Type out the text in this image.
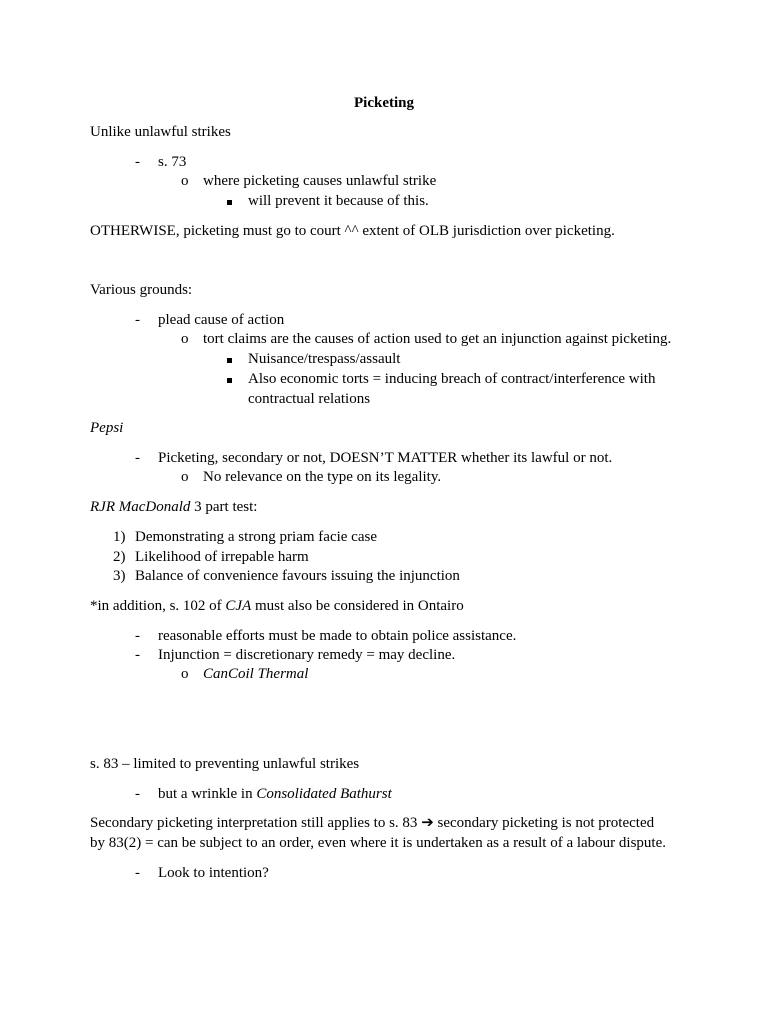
Picketing
Unlike unlawful strikes
- s. 73
o where picketing causes unlawful strike
will prevent it because of this.
OTHERWISE, picketing must go to court ^^ extent of OLB jurisdiction over picketing.
Various grounds:
- plead cause of action
o tort claims are the causes of action used to get an injunction against picketing.
Nuisance/trespass/assault
Also economic torts = inducing breach of contract/interference with
contractual relations
Pepsi
- Picketing, secondary or not, DOESN’T MATTER whether its lawful or not.
o No relevance on the type on its legality.
RJR MacDonald 3 part test:
1) Demonstrating a strong priam facie case
2) Likelihood of irrepable harm
3) Balance of convenience favours issuing the injunction
*in addition, s. 102 of CJA must also be considered in Ontairo
- reasonable efforts must be made to obtain police assistance.
- Injunction = discretionary remedy = may decline.
o CanCoil Thermal
s. 83 – limited to preventing unlawful strikes
- but a wrinkle in Consolidated Bathurst
Secondary picketing interpretation still applies to s. 83 ➔ secondary picketing is not protected
by 83(2) = can be subject to an order, even where it is undertaken as a result of a labour dispute.
- Look to intention?
